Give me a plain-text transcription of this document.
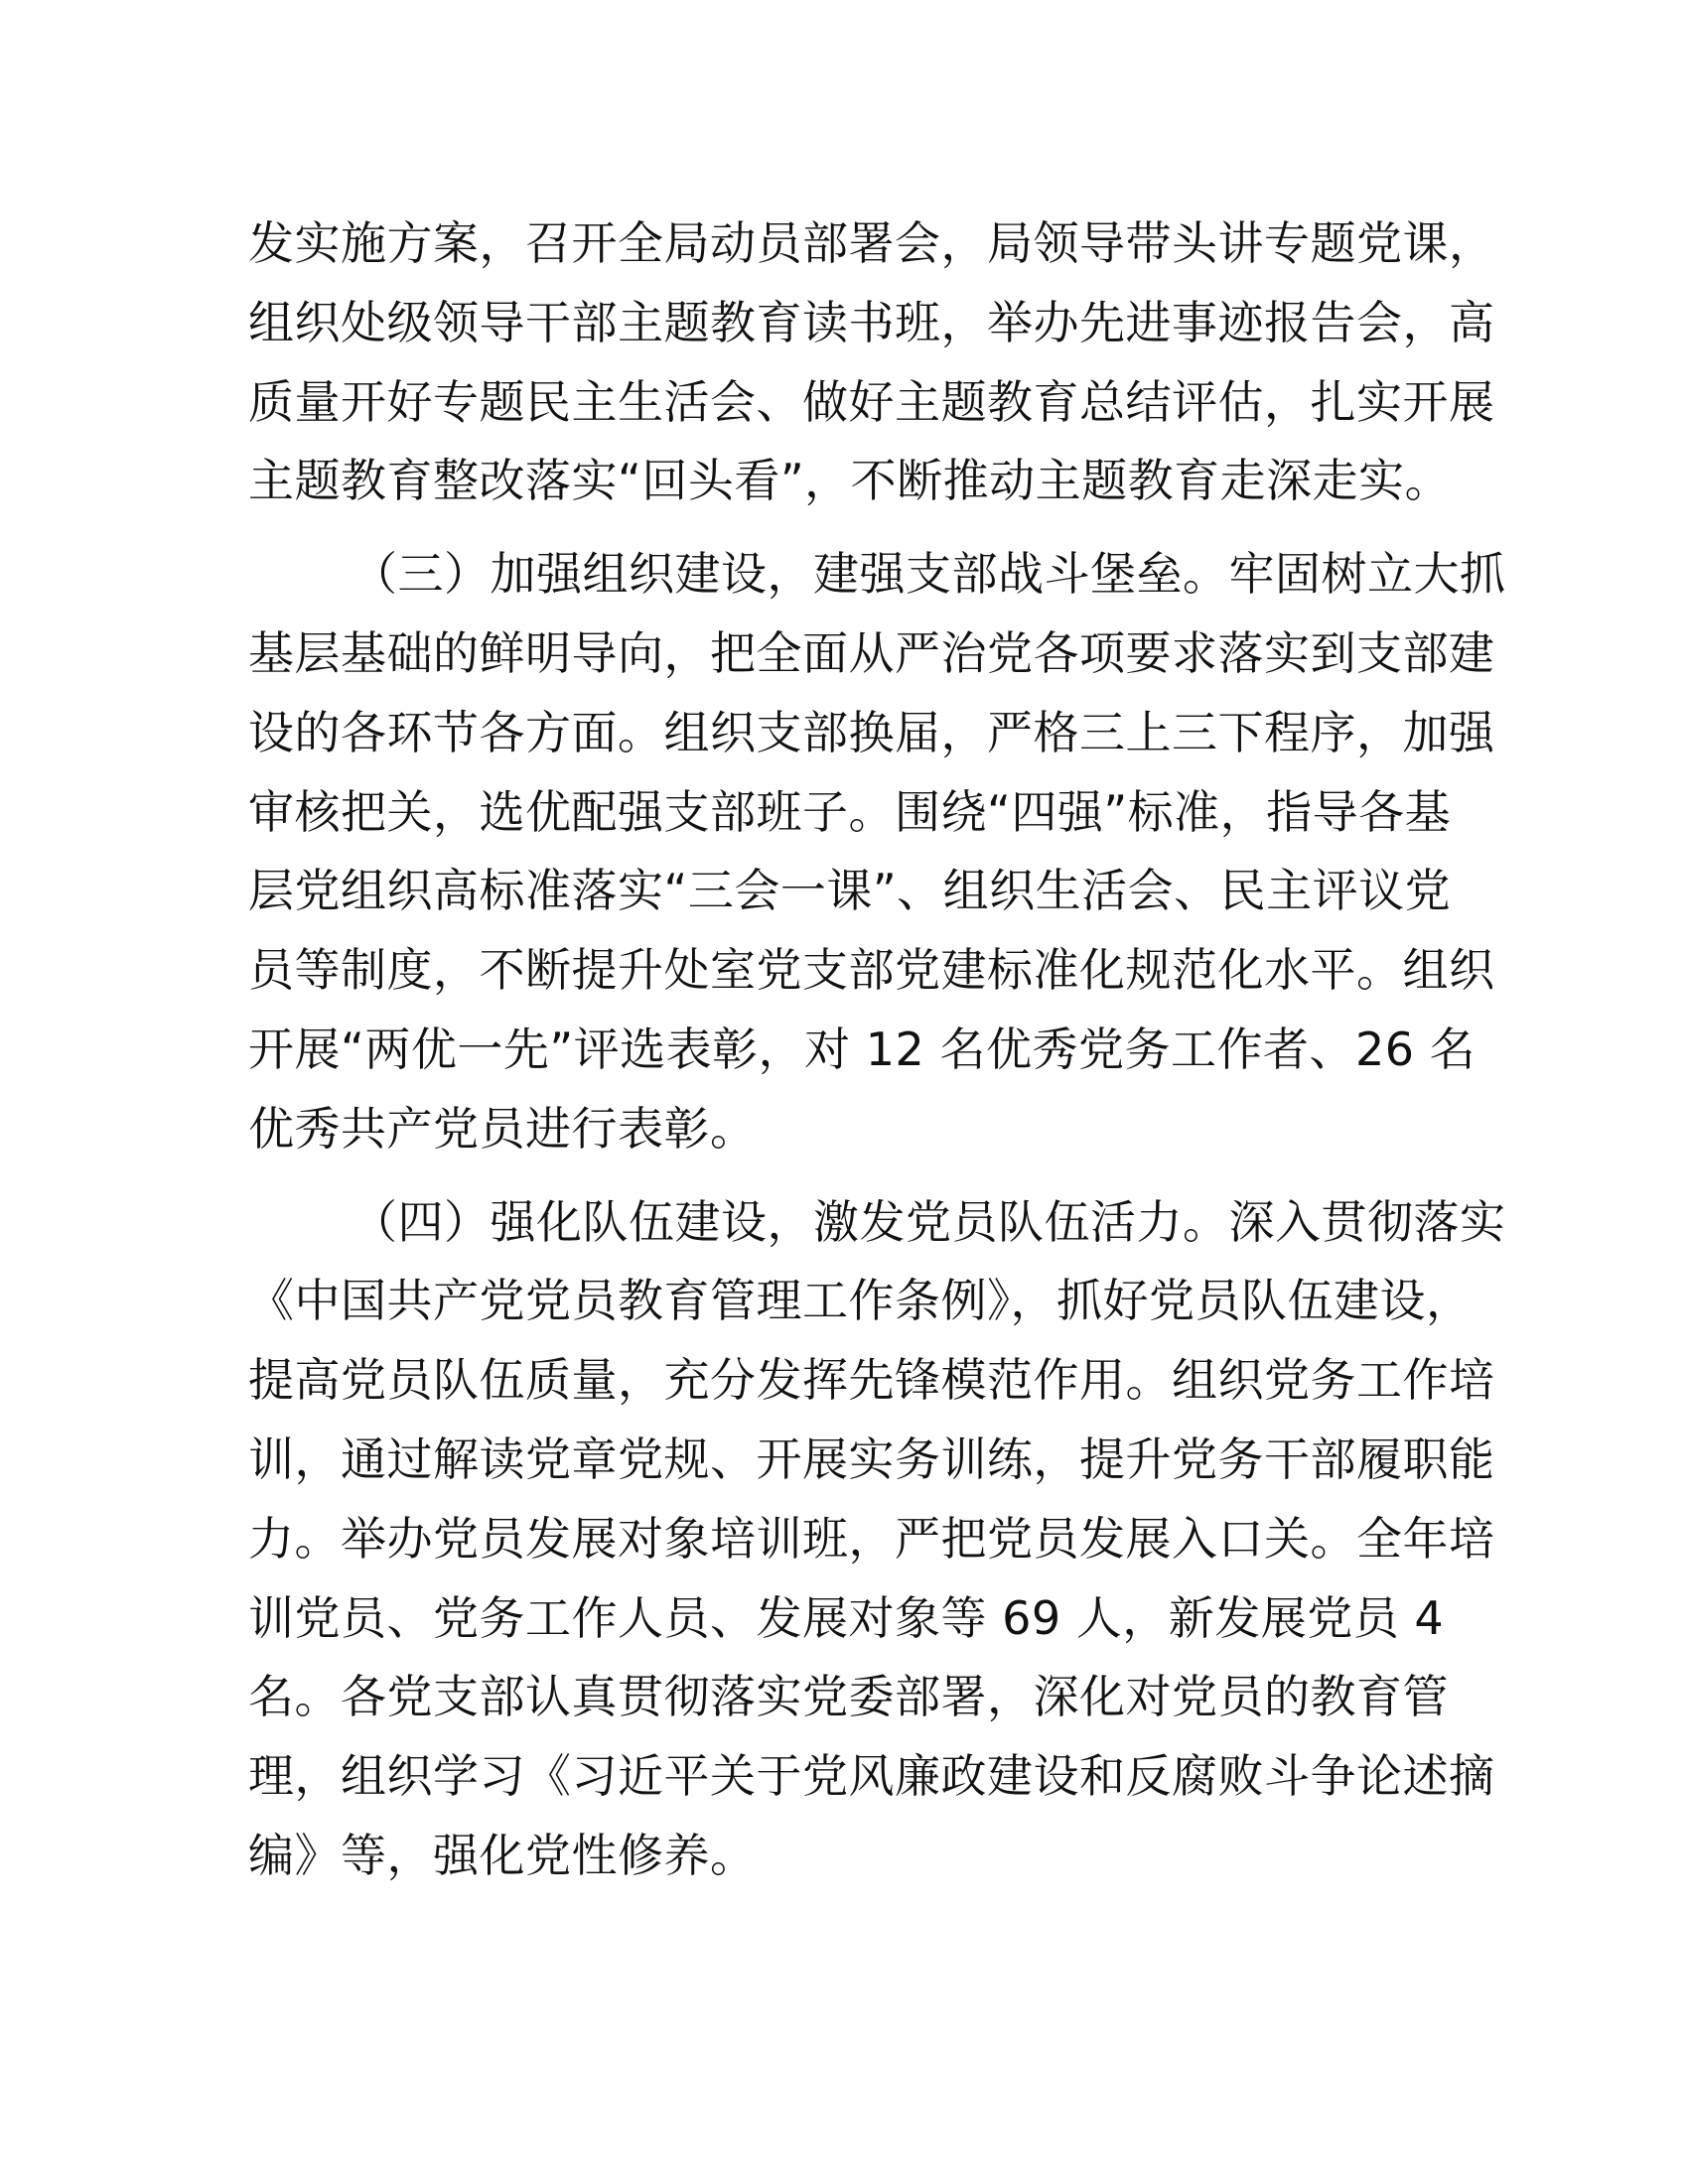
发实施方案，召开全局动员部署会，局领导带头讲专题党课，
组织处级领导干部主题教育读书班，举办先进事迹报告会，高
质量开好专题民主生活会、做好主题教育总结评估，扎实开展
主题教育整改落实“回头看”，不断推动主题教育走深走实。
（三）加强组织建设，建强支部战斗堡垒。牢固树立大抓
基层基础的鲜明导向，把全面从严治党各项要求落实到支部建
设的各环节各方面。组织支部换届，严格三上三下程序，加强
审核把关，选优配强支部班子。围绕“四强”标准，指导各基
层党组织高标准落实“三会一课”、组织生活会、民主评议党
员等制度，不断提升处室党支部党建标准化规范化水平。组织
开展“两优一先”评选表彰，对 12 名优秀党务工作者、26 名
优秀共产党员进行表彰。
（四）强化队伍建设，激发党员队伍活力。深入贯彻落实
《中国共产党党员教育管理工作条例》，抓好党员队伍建设，
提高党员队伍质量，充分发挥先锋模范作用。组织党务工作培
训，通过解读党章党规、开展实务训练，提升党务干部履职能
力。举办党员发展对象培训班，严把党员发展入口关。全年培
训党员、党务工作人员、发展对象等 69 人，新发展党员 4
名。各党支部认真贯彻落实党委部署，深化对党员的教育管
理，组织学习《习近平关于党风廉政建设和反腐败斗争论述摘
编》等，强化党性修养。
